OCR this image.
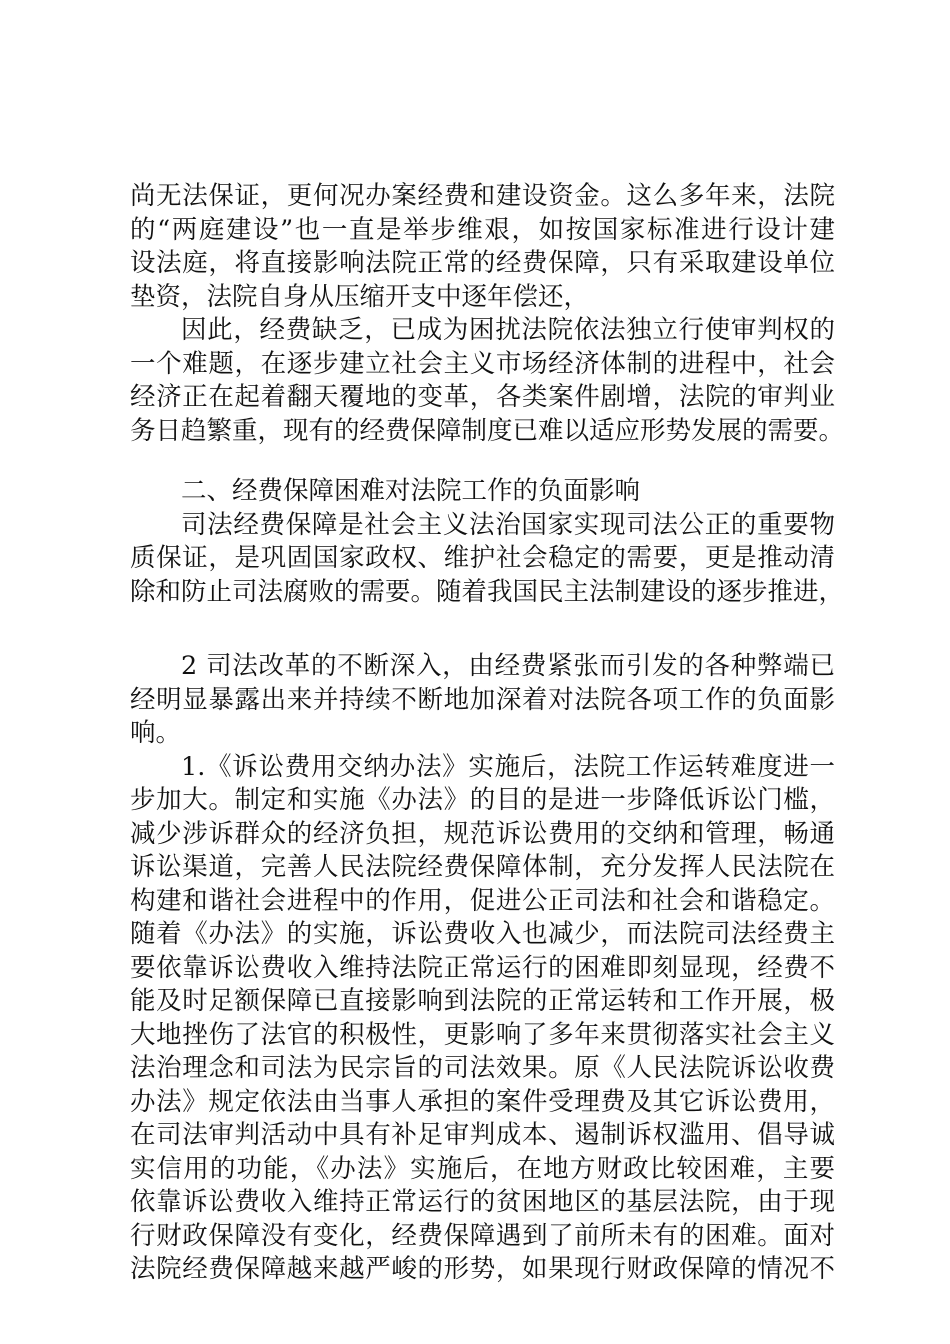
尚无法保证，更何况办案经费和建设资金。这么多年来，法院
的“两庭建设”也一直是举步维艰，如按国家标准进行设计建
设法庭，将直接影响法院正常的经费保障，只有采取建设单位
垫资，法院自身从压缩开支中逐年偿还，
因此，经费缺乏，已成为困扰法院依法独立行使审判权的
一个难题，在逐步建立社会主义市场经济体制的进程中，社会
经济正在起着翻天覆地的变革，各类案件剧增，法院的审判业
务日趋繁重，现有的经费保障制度已难以适应形势发展的需要。
二、经费保障困难对法院工作的负面影响
司法经费保障是社会主义法治国家实现司法公正的重要物
质保证，是巩固国家政权、维护社会稳定的需要，更是推动清
除和防止司法腐败的需要。随着我国民主法制建设的逐步推进，
2 司法改革的不断深入，由经费紧张而引发的各种弊端已
经明显暴露出来并持续不断地加深着对法院各项工作的负面影
响。
1.《诉讼费用交纳办法》实施后，法院工作运转难度进一
步加大。制定和实施《办法》的目的是进一步降低诉讼门槛，
减少涉诉群众的经济负担，规范诉讼费用的交纳和管理，畅通
诉讼渠道，完善人民法院经费保障体制，充分发挥人民法院在
构建和谐社会进程中的作用，促进公正司法和社会和谐稳定。
随着《办法》的实施，诉讼费收入也减少，而法院司法经费主
要依靠诉讼费收入维持法院正常运行的困难即刻显现，经费不
能及时足额保障已直接影响到法院的正常运转和工作开展，极
大地挫伤了法官的积极性，更影响了多年来贯彻落实社会主义
法治理念和司法为民宗旨的司法效果。原《人民法院诉讼收费
办法》规定依法由当事人承担的案件受理费及其它诉讼费用，
在司法审判活动中具有补足审判成本、遏制诉权滥用、倡导诚
实信用的功能，《办法》实施后，在地方财政比较困难，主要
依靠诉讼费收入维持正常运行的贫困地区的基层法院，由于现
行财政保障没有变化，经费保障遇到了前所未有的困难。面对
法院经费保障越来越严峻的形势，如果现行财政保障的情况不
